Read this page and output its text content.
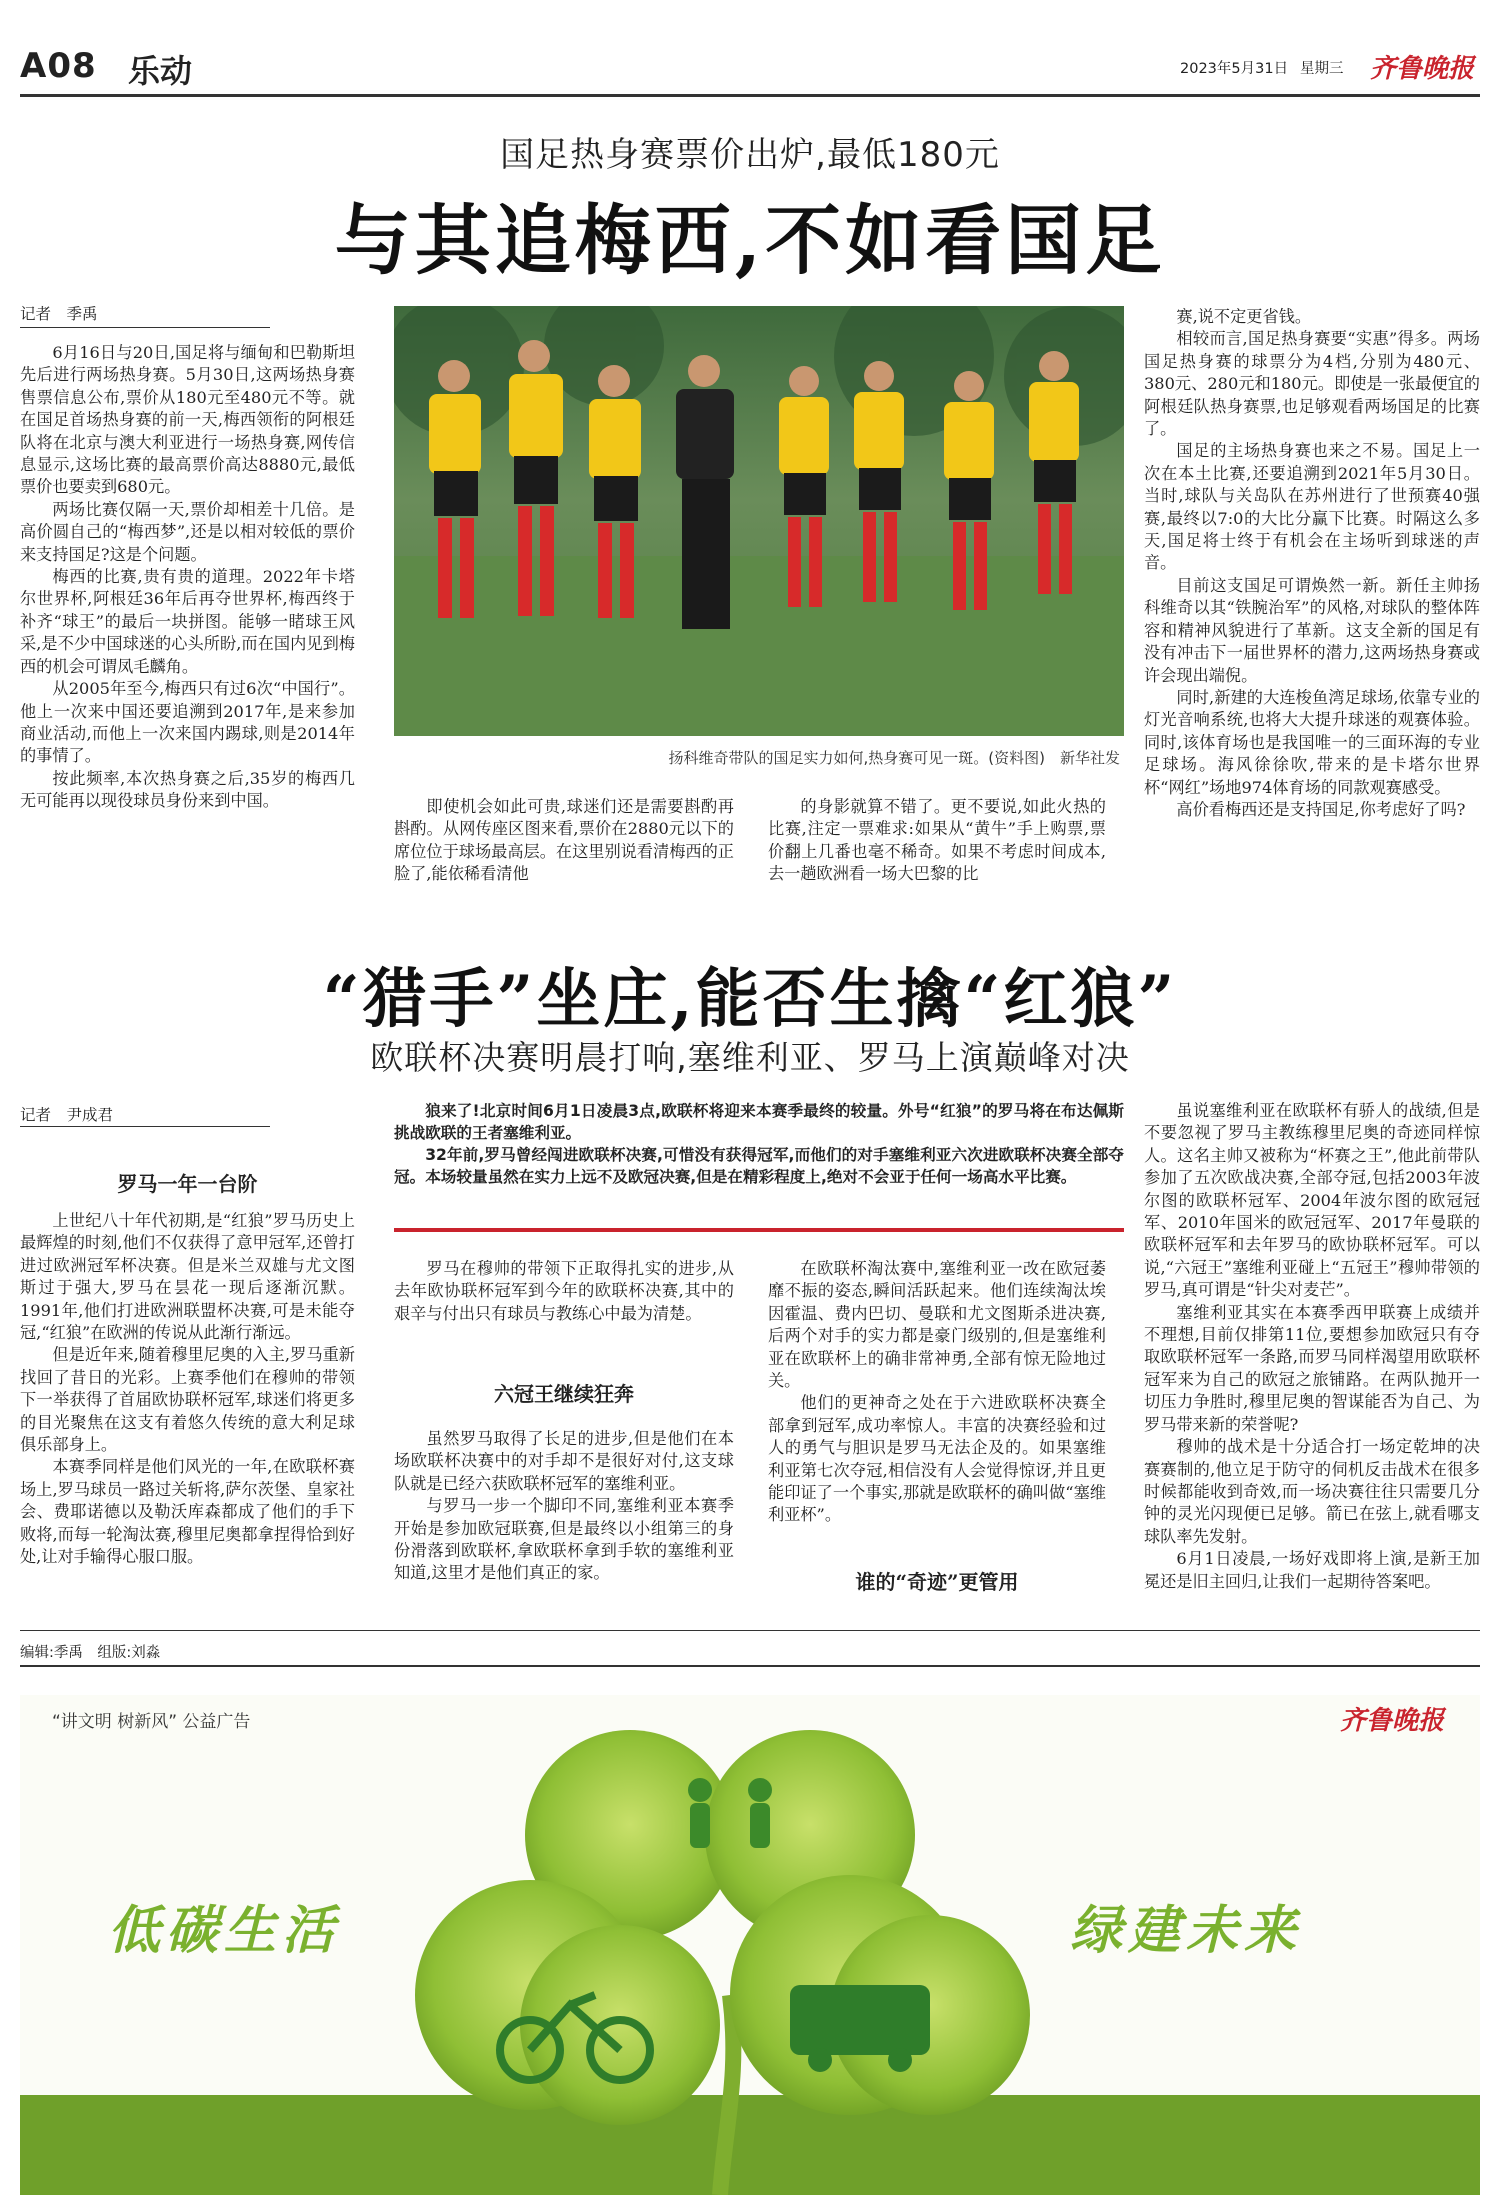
A08 乐动	2023年5月31日 星期三 齐鲁晚报
国足热身赛票价出炉,最低180元
与其追梅西,不如看国足
记者　季禹

6月16日与20日,国足将与缅甸和巴勒斯坦先后进行两场热身赛。5月30日,这两场热身赛售票信息公布,票价从180元至480元不等。就在国足首场热身赛的前一天,梅西领衔的阿根廷队将在北京与澳大利亚进行一场热身赛,网传信息显示,这场比赛的最高票价高达8880元,最低票价也要卖到680元。

两场比赛仅隔一天,票价却相差十几倍。是高价圆自己的“梅西梦”,还是以相对较低的票价来支持国足?这是个问题。

梅西的比赛,贵有贵的道理。2022年卡塔尔世界杯,阿根廷36年后再夺世界杯,梅西终于补齐“球王”的最后一块拼图。能够一睹球王风采,是不少中国球迷的心头所盼,而在国内见到梅西的机会可谓凤毛麟角。

从2005年至今,梅西只有过6次“中国行”。他上一次来中国还要追溯到2017年,是来参加商业活动,而他上一次来国内踢球,则是2014年的事情了。

按此频率,本次热身赛之后,35岁的梅西几无可能再以现役球员身份来到中国。

扬科维奇带队的国足实力如何,热身赛可见一斑。(资料图)　新华社发

即使机会如此可贵,球迷们还是需要斟酌再斟酌。从网传座区图来看,票价在2880元以下的席位位于球场最高层。在这里别说看清梅西的正脸了,能依稀看清他

的身影就算不错了。更不要说,如此火热的比赛,注定一票难求:如果从“黄牛”手上购票,票价翻上几番也毫不稀奇。如果不考虑时间成本,去一趟欧洲看一场大巴黎的比

赛,说不定更省钱。

相较而言,国足热身赛要“实惠”得多。两场国足热身赛的球票分为4档,分别为480元、380元、280元和180元。即使是一张最便宜的阿根廷队热身赛票,也足够观看两场国足的比赛了。

国足的主场热身赛也来之不易。国足上一次在本土比赛,还要追溯到2021年5月30日。当时,球队与关岛队在苏州进行了世预赛40强赛,最终以7:0的大比分赢下比赛。时隔这么多天,国足将士终于有机会在主场听到球迷的声音。

目前这支国足可谓焕然一新。新任主帅扬科维奇以其“铁腕治军”的风格,对球队的整体阵容和精神风貌进行了革新。这支全新的国足有没有冲击下一届世界杯的潜力,这两场热身赛或许会现出端倪。

同时,新建的大连梭鱼湾足球场,依靠专业的灯光音响系统,也将大大提升球迷的观赛体验。同时,该体育场也是我国唯一的三面环海的专业足球场。海风徐徐吹,带来的是卡塔尔世界杯“网红”场地974体育场的同款观赛感受。

高价看梅西还是支持国足,你考虑好了吗?

“猎手”坐庄,能否生擒“红狼”
欧联杯决赛明晨打响,塞维利亚、罗马上演巅峰对决
记者　尹成君	狼来了!北京时间6月1日凌晨3点,欧联杯将迎来本赛季最终的较量。外号“红狼”的罗马将在布达佩斯挑战欧联的王者塞维利亚。

32年前,罗马曾经闯进欧联杯决赛,可惜没有获得冠军,而他们的对手塞维利亚六次进欧联杯决赛全部夺冠。本场较量虽然在实力上远不及欧冠决赛,但是在精彩程度上,绝对不会亚于任何一场高水平比赛。

罗马一年一台阶

上世纪八十年代初期,是“红狼”罗马历史上最辉煌的时刻,他们不仅获得了意甲冠军,还曾打进过欧洲冠军杯决赛。但是米兰双雄与尤文图斯过于强大,罗马在昙花一现后逐渐沉默。1991年,他们打进欧洲联盟杯决赛,可是未能夺冠,“红狼”在欧洲的传说从此渐行渐远。

但是近年来,随着穆里尼奥的入主,罗马重新找回了昔日的光彩。上赛季他们在穆帅的带领下一举获得了首届欧协联杯冠军,球迷们将更多的目光聚焦在这支有着悠久传统的意大利足球俱乐部身上。

本赛季同样是他们风光的一年,在欧联杯赛场上,罗马球员一路过关斩将,萨尔茨堡、皇家社会、费耶诺德以及勒沃库森都成了他们的手下败将,而每一轮淘汰赛,穆里尼奥都拿捏得恰到好处,让对手输得心服口服。

罗马在穆帅的带领下正取得扎实的进步,从去年欧协联杯冠军到今年的欧联杯决赛,其中的艰辛与付出只有球员与教练心中最为清楚。

六冠王继续狂奔

虽然罗马取得了长足的进步,但是他们在本场欧联杯决赛中的对手却不是很好对付,这支球队就是已经六获欧联杯冠军的塞维利亚。

与罗马一步一个脚印不同,塞维利亚本赛季开始是参加欧冠联赛,但是最终以小组第三的身份滑落到欧联杯,拿欧联杯拿到手软的塞维利亚知道,这里才是他们真正的家。

在欧联杯淘汰赛中,塞维利亚一改在欧冠萎靡不振的姿态,瞬间活跃起来。他们连续淘汰埃因霍温、费内巴切、曼联和尤文图斯杀进决赛,后两个对手的实力都是豪门级别的,但是塞维利亚在欧联杯上的确非常神勇,全部有惊无险地过关。

他们的更神奇之处在于六进欧联杯决赛全部拿到冠军,成功率惊人。丰富的决赛经验和过人的勇气与胆识是罗马无法企及的。如果塞维利亚第七次夺冠,相信没有人会觉得惊讶,并且更能印证了一个事实,那就是欧联杯的确叫做“塞维利亚杯”。

谁的“奇迹”更管用

虽说塞维利亚在欧联杯有骄人的战绩,但是不要忽视了罗马主教练穆里尼奥的奇迹同样惊人。这名主帅又被称为“杯赛之王”,他此前带队参加了五次欧战决赛,全部夺冠,包括2003年波尔图的欧联杯冠军、2004年波尔图的欧冠冠军、2010年国米的欧冠冠军、2017年曼联的欧联杯冠军和去年罗马的欧协联杯冠军。可以说,“六冠王”塞维利亚碰上“五冠王”穆帅带领的罗马,真可谓是“针尖对麦芒”。

塞维利亚其实在本赛季西甲联赛上成绩并不理想,目前仅排第11位,要想参加欧冠只有夺取欧联杯冠军一条路,而罗马同样渴望用欧联杯冠军来为自己的欧冠之旅铺路。在两队抛开一切压力争胜时,穆里尼奥的智谋能否为自己、为罗马带来新的荣誉呢?

穆帅的战术是十分适合打一场定乾坤的决赛赛制的,他立足于防守的伺机反击战术在很多时候都能收到奇效,而一场决赛往往只需要几分钟的灵光闪现便已足够。箭已在弦上,就看哪支球队率先发射。

6月1日凌晨,一场好戏即将上演,是新王加冕还是旧主回归,让我们一起期待答案吧。

编辑:季禹　组版:刘淼
“讲文明 树新风” 公益广告	齐鲁晚报
低碳生活	绿建未来
